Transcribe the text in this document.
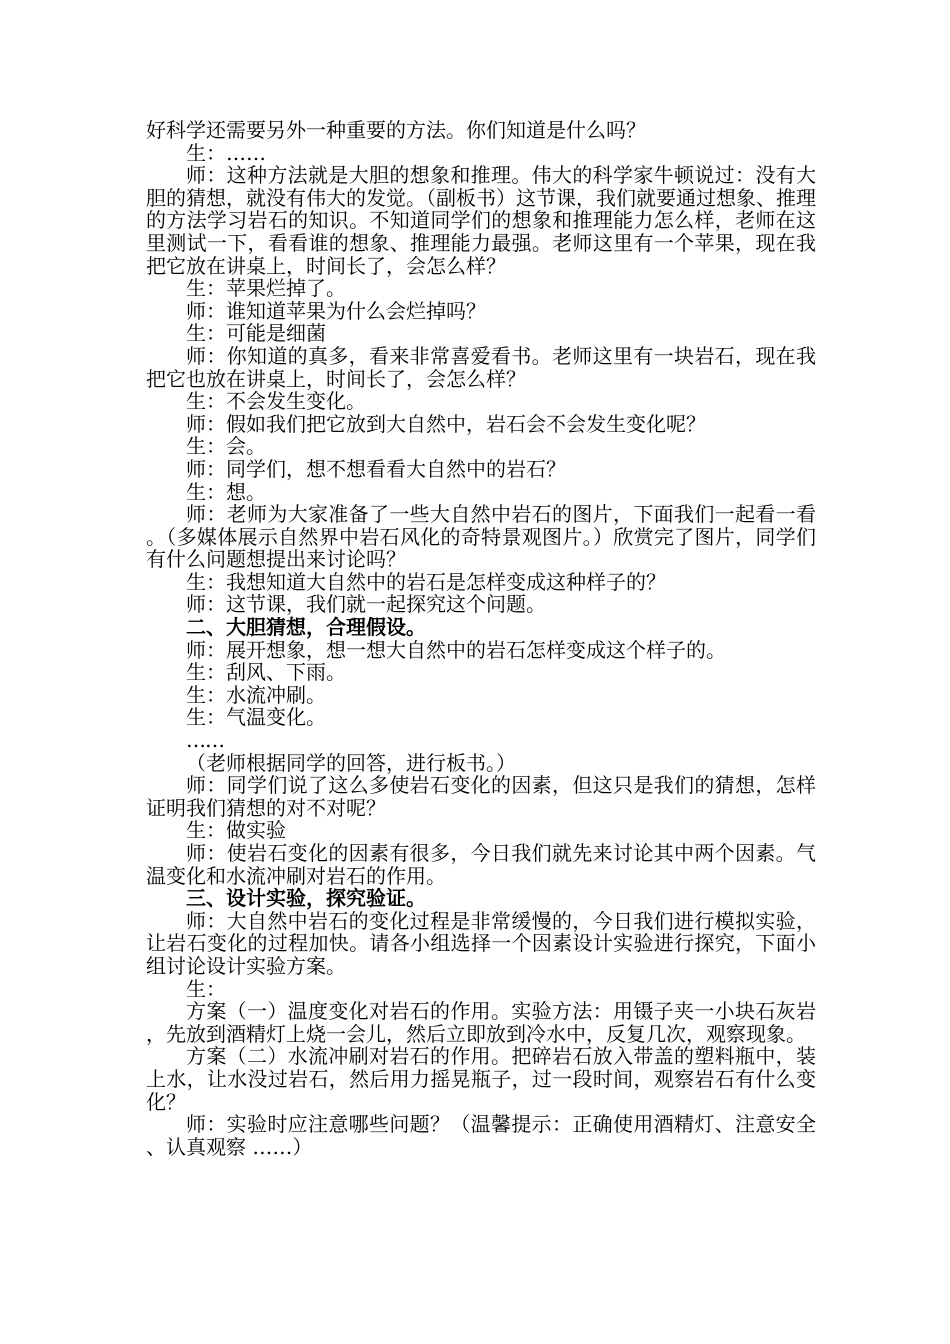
好科学还需要另外一种重要的方法。你们知道是什么吗？

生：……

师：这种方法就是大胆的想象和推理。伟大的科学家牛顿说过：没有大胆的猜想，就没有伟大的发觉。（副板书）这节课，我们就要通过想象、推理的方法学习岩石的知识。不知道同学们的想象和推理能力怎么样，老师在这里测试一下，看看谁的想象、推理能力最强。老师这里有一个苹果，现在我把它放在讲桌上，时间长了，会怎么样？

生：苹果烂掉了。

师：谁知道苹果为什么会烂掉吗？

生：可能是细菌

师：你知道的真多，看来非常喜爱看书。老师这里有一块岩石，现在我把它也放在讲桌上，时间长了，会怎么样？

生：不会发生变化。

师：假如我们把它放到大自然中，岩石会不会发生变化呢？

生：会。

师：同学们，想不想看看大自然中的岩石？

生：想。

师：老师为大家准备了一些大自然中岩石的图片，下面我们一起看一看。（多媒体展示自然界中岩石风化的奇特景观图片。）欣赏完了图片，同学们有什么问题想提出来讨论吗？

生：我想知道大自然中的岩石是怎样变成这种样子的？

师：这节课，我们就一起探究这个问题。

二、大胆猜想，合理假设。

师：展开想象，想一想大自然中的岩石怎样变成这个样子的。

生：刮风、下雨。

生：水流冲刷。

生：气温变化。

……

（老师根据同学的回答，进行板书。）

师：同学们说了这么多使岩石变化的因素，但这只是我们的猜想，怎样证明我们猜想的对不对呢？

生：做实验

师：使岩石变化的因素有很多，今日我们就先来讨论其中两个因素。气温变化和水流冲刷对岩石的作用。

三、设计实验，探究验证。

师：大自然中岩石的变化过程是非常缓慢的，今日我们进行模拟实验，让岩石变化的过程加快。请各小组选择一个因素设计实验进行探究，下面小组讨论设计实验方案。

生：

方案（一）温度变化对岩石的作用。实验方法：用镊子夹一小块石灰岩，先放到酒精灯上烧一会儿，然后立即放到冷水中，反复几次，观察现象。

方案（二）水流冲刷对岩石的作用。把碎岩石放入带盖的塑料瓶中，装上水，让水没过岩石，然后用力摇晃瓶子，过一段时间，观察岩石有什么变化？

师：实验时应注意哪些问题？（温馨提示：正确使用酒精灯、注意安全、认真观察 ……）
